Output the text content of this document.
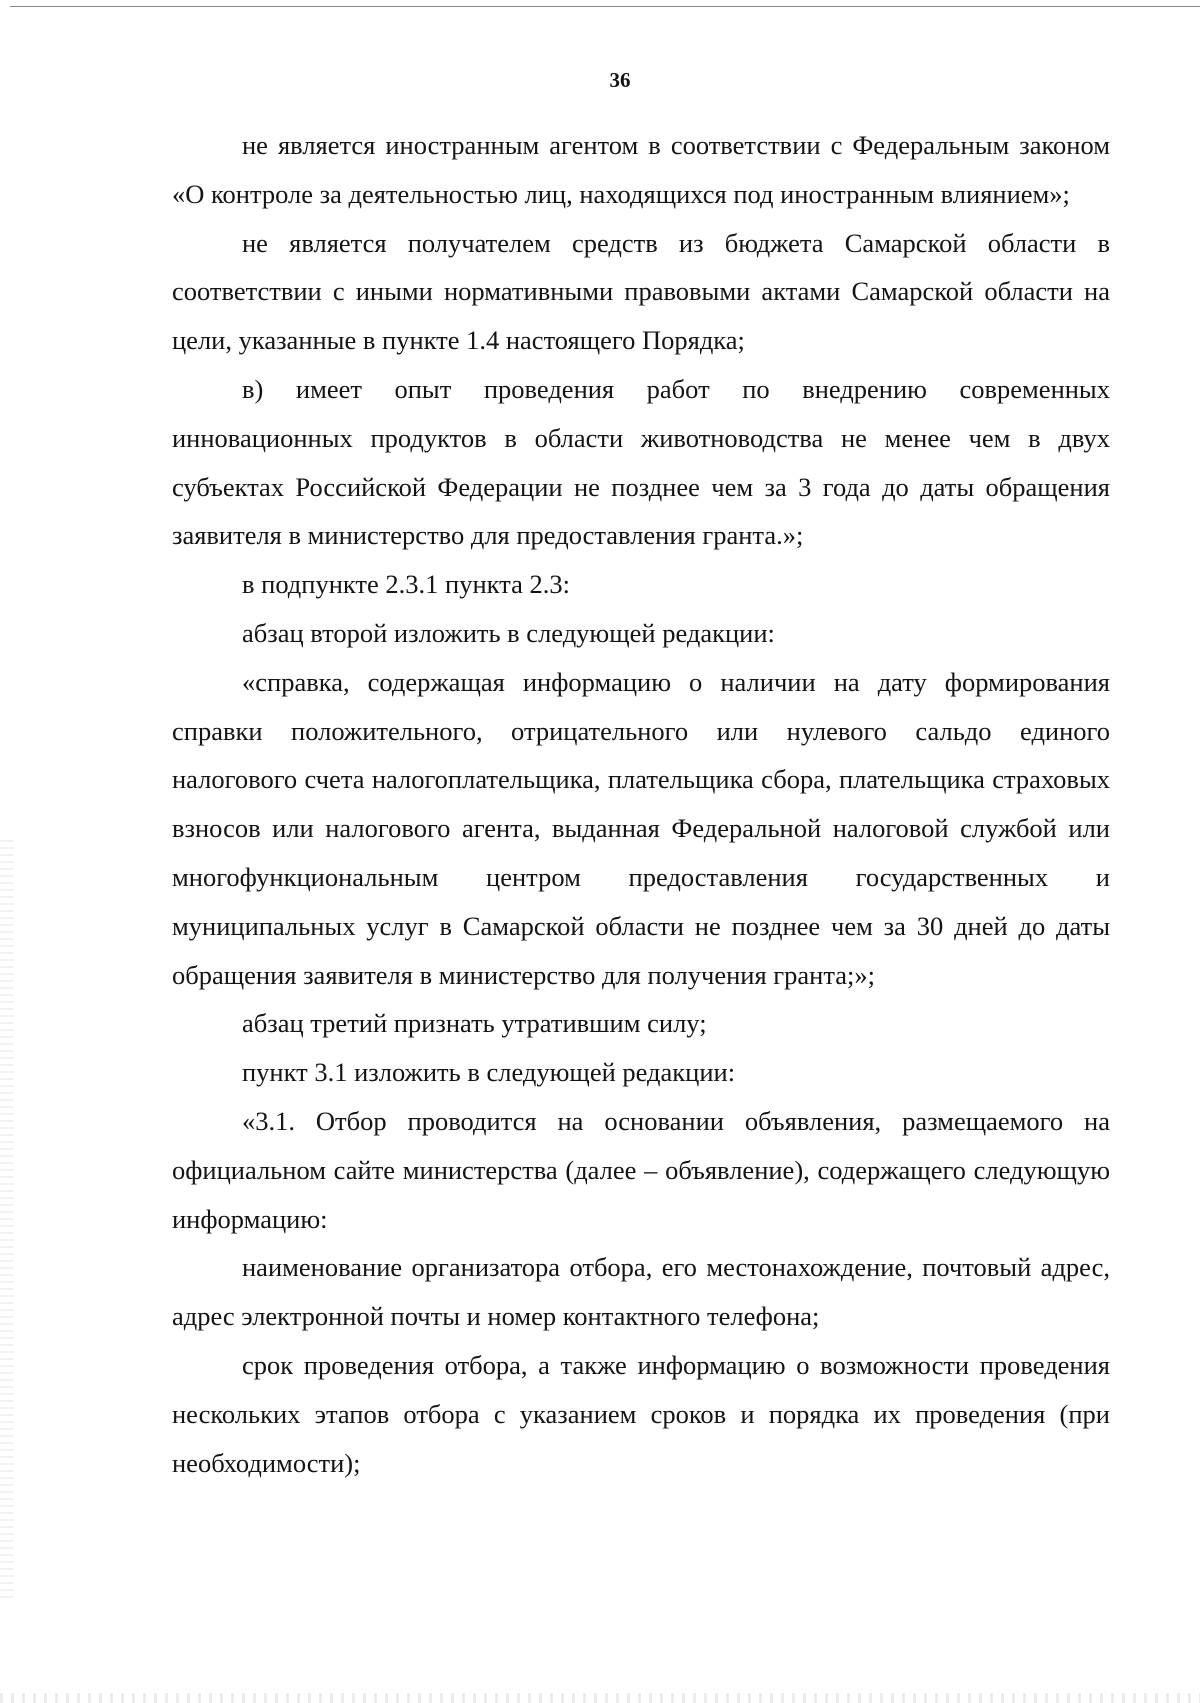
36

не является иностранным агентом в соответствии с Федеральным законом «О контроле за деятельностью лиц, находящихся под иностранным влиянием»;

не является получателем средств из бюджета Самарской области в соответствии с иными нормативными правовыми актами Самарской области на цели, указанные в пункте 1.4 настоящего Порядка;

в) имеет опыт проведения работ по внедрению современных инновационных продуктов в области животноводства не менее чем в двух субъектах Российской Федерации не позднее чем за 3 года до даты обращения заявителя в министерство для предоставления гранта.»;

в подпункте 2.3.1 пункта 2.3:

абзац второй изложить в следующей редакции:

«справка, содержащая информацию о наличии на дату формирования справки положительного, отрицательного или нулевого сальдо единого налогового счета налогоплательщика, плательщика сбора, плательщика страховых взносов или налогового агента, выданная Федеральной налоговой службой или многофункциональным центром предоставления государственных и муниципальных услуг в Самарской области не позднее чем за 30 дней до даты обращения заявителя в министерство для получения гранта;»;

абзац третий признать утратившим силу;

пункт 3.1 изложить в следующей редакции:

«3.1. Отбор проводится на основании объявления, размещаемого на официальном сайте министерства (далее – объявление), содержащего следующую информацию:

наименование организатора отбора, его местонахождение, почтовый адрес, адрес электронной почты и номер контактного телефона;

срок проведения отбора, а также информацию о возможности проведения нескольких этапов отбора с указанием сроков и порядка их проведения (при необходимости);
